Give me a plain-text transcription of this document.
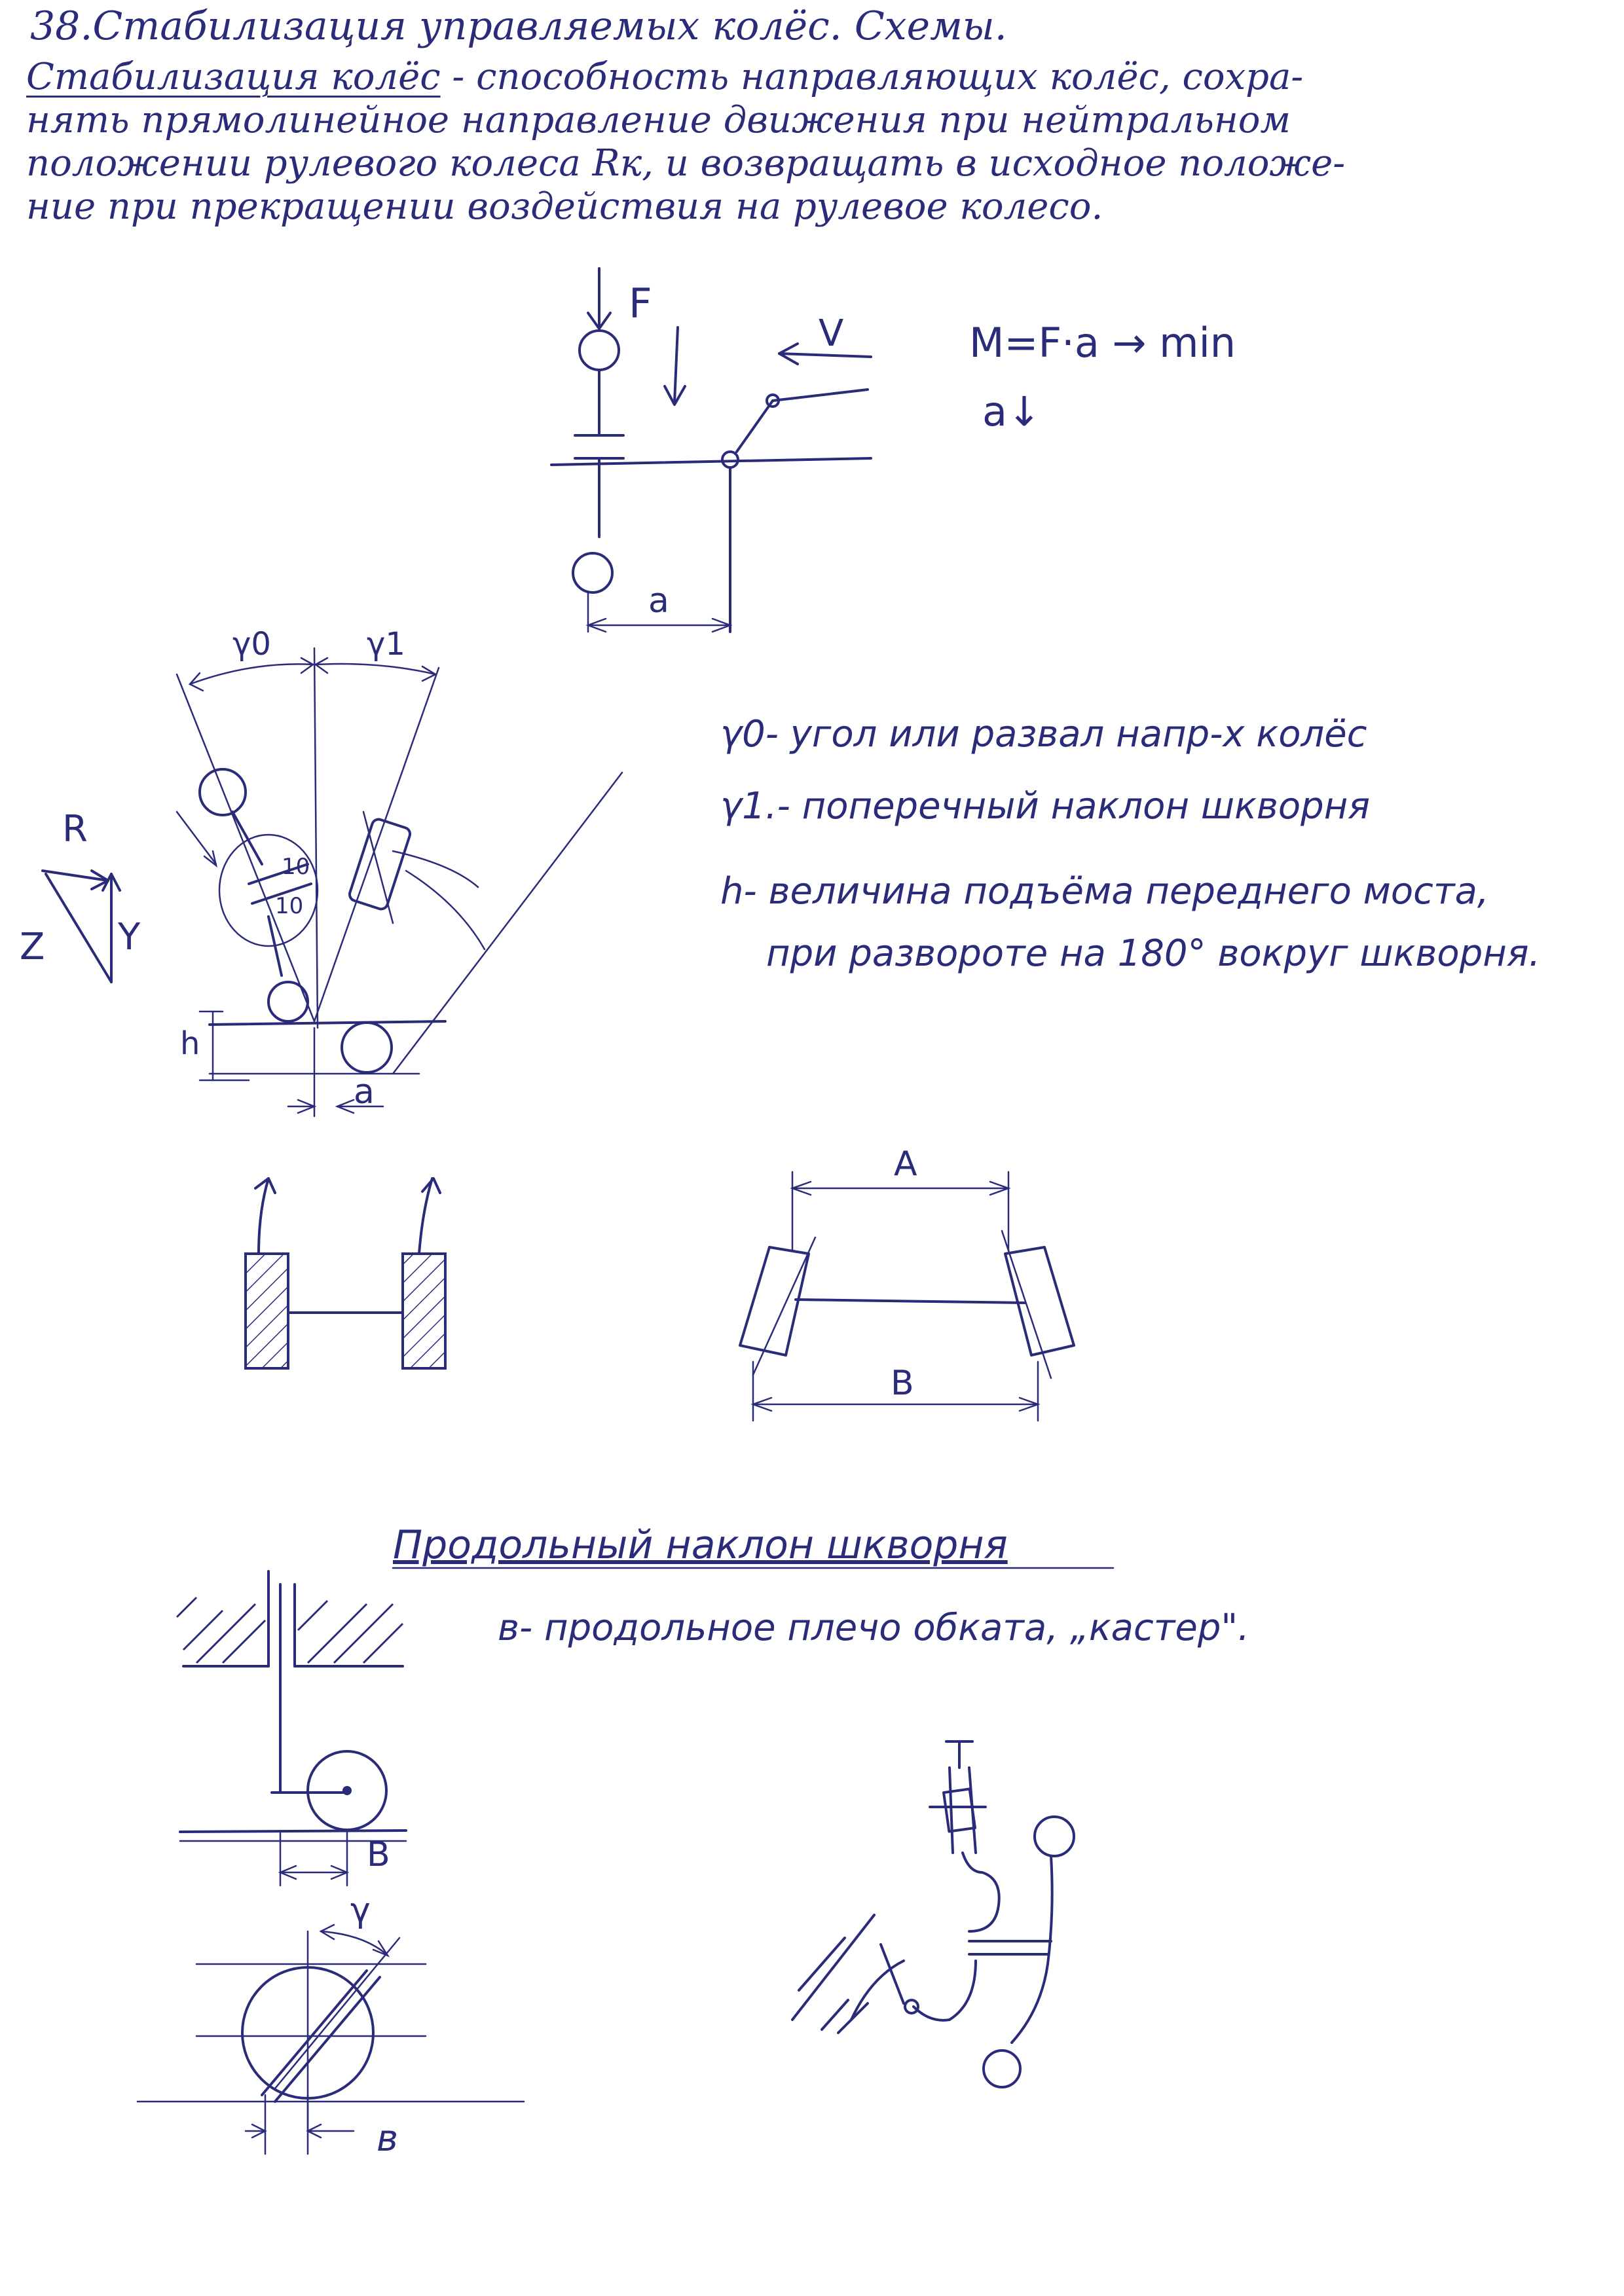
38.Стабилизация управляемых колёс. Схемы.
Стабилизация колёс - способность направляющих колёс, сохра-
нять прямолинейное направление движения при нейтральном
положении рулевого колеса Rк, и возвращать в исходное положе-
ние при прекращении воздействия на рулевое колесо.
F
V
a
M=F·a → min
a↓
γ0	γ1
10
10
R
Z Y
h
a
γ0- угол или развал напр-х колёс
γ1.- поперечный наклон шкворня
h- величина подъёма переднего моста,
при развороте на 180° вокруг шкворня.
A
B
Продольный наклон шкворня
в- продольное плечо обката, „кастер".
B
γ
в
